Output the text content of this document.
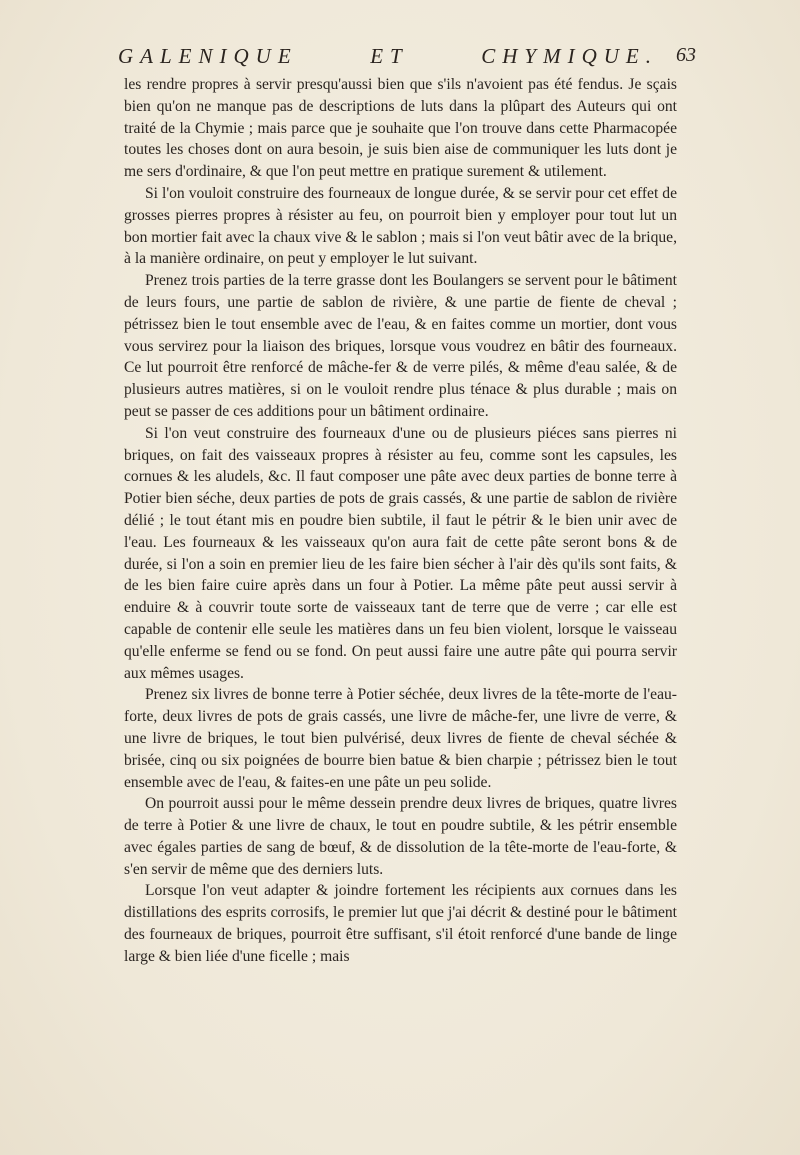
GALENIQUE	ET	CHYMIQUE. 63

les rendre propres à servir presqu'aussi bien que s'ils n'avoient pas été fendus. Je sçais bien qu'on ne manque pas de descriptions de luts dans la plûpart des Auteurs qui ont traité de la Chymie ; mais parce que je souhaite que l'on trouve dans cette Pharmacopée toutes les choses dont on aura besoin, je suis bien aise de communiquer les luts dont je me sers d'ordinaire, & que l'on peut mettre en pratique surement & utilement.

Si l'on vouloit construire des fourneaux de longue durée, & se servir pour cet effet de grosses pierres propres à résister au feu, on pourroit bien y employer pour tout lut un bon mortier fait avec la chaux vive & le sablon ; mais si l'on veut bâtir avec de la brique, à la manière ordinaire, on peut y employer le lut suivant.

Prenez trois parties de la terre grasse dont les Boulangers se servent pour le bâtiment de leurs fours, une partie de sablon de rivière, & une partie de fiente de cheval ; pétrissez bien le tout ensemble avec de l'eau, & en faites comme un mortier, dont vous vous servirez pour la liaison des briques, lorsque vous voudrez en bâtir des fourneaux. Ce lut pourroit être renforcé de mâche-fer & de verre pilés, & même d'eau salée, & de plusieurs autres matières, si on le vouloit rendre plus ténace & plus durable ; mais on peut se passer de ces additions pour un bâtiment ordinaire.

Si l'on veut construire des fourneaux d'une ou de plusieurs piéces sans pierres ni briques, on fait des vaisseaux propres à résister au feu, comme sont les capsules, les cornues & les aludels, &c. Il faut composer une pâte avec deux parties de bonne terre à Potier bien séche, deux parties de pots de grais cassés, & une partie de sablon de rivière délié ; le tout étant mis en poudre bien subtile, il faut le pétrir & le bien unir avec de l'eau. Les fourneaux & les vaisseaux qu'on aura fait de cette pâte seront bons & de durée, si l'on a soin en premier lieu de les faire bien sécher à l'air dès qu'ils sont faits, & de les bien faire cuire après dans un four à Potier. La même pâte peut aussi servir à enduire & à couvrir toute sorte de vaisseaux tant de terre que de verre ; car elle est capable de contenir elle seule les matières dans un feu bien violent, lorsque le vaisseau qu'elle enferme se fend ou se fond. On peut aussi faire une autre pâte qui pourra servir aux mêmes usages.

Prenez six livres de bonne terre à Potier séchée, deux livres de la tête-morte de l'eau-forte, deux livres de pots de grais cassés, une livre de mâche-fer, une livre de verre, & une livre de briques, le tout bien pulvérisé, deux livres de fiente de cheval séchée & brisée, cinq ou six poignées de bourre bien batue & bien charpie ; pétrissez bien le tout ensemble avec de l'eau, & faites-en une pâte un peu solide.

On pourroit aussi pour le même dessein prendre deux livres de briques, quatre livres de terre à Potier & une livre de chaux, le tout en poudre subtile, & les pétrir ensemble avec égales parties de sang de bœuf, & de dissolution de la tête-morte de l'eau-forte, & s'en servir de même que des derniers luts.

Lorsque l'on veut adapter & joindre fortement les récipients aux cornues dans les distillations des esprits corrosifs, le premier lut que j'ai décrit & destiné pour le bâtiment des fourneaux de briques, pourroit être suffisant, s'il étoit renforcé d'une bande de linge large & bien liée d'une ficelle ; mais
